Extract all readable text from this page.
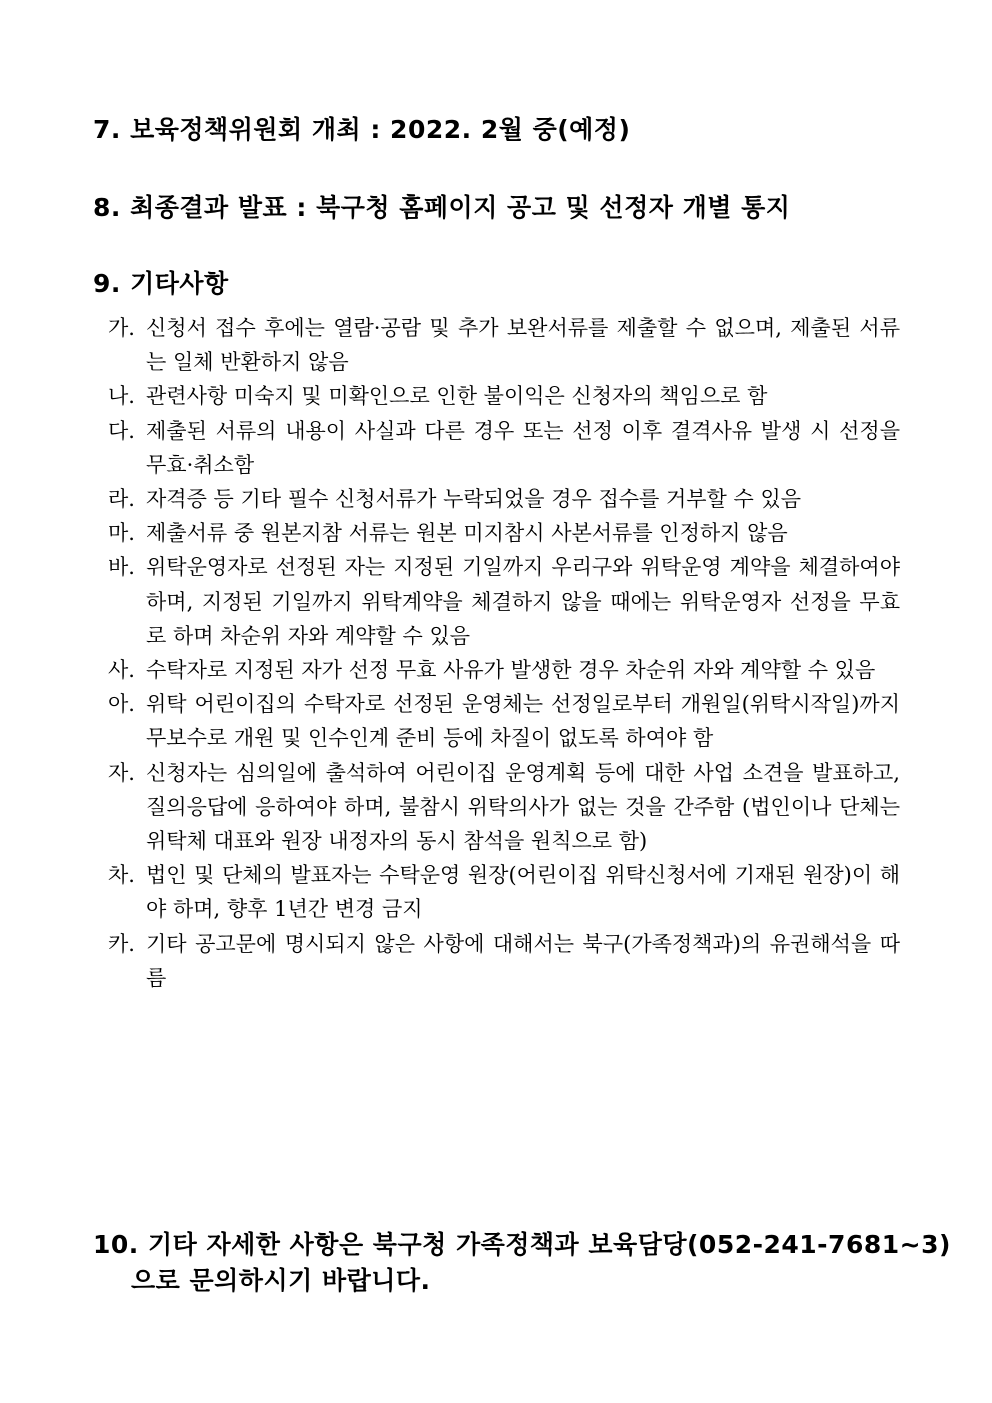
7. 보육정책위원회 개최 : 2022. 2월 중(예정)
8. 최종결과 발표 : 북구청 홈페이지 공고 및 선정자 개별 통지
9. 기타사항
가. 신청서 접수 후에는 열람·공람 및 추가 보완서류를 제출할 수 없으며, 제출된 서류는 일체 반환하지 않음
나. 관련사항 미숙지 및 미확인으로 인한 불이익은 신청자의 책임으로 함
다. 제출된 서류의 내용이 사실과 다른 경우 또는 선정 이후 결격사유 발생 시 선정을 무효·취소함
라. 자격증 등 기타 필수 신청서류가 누락되었을 경우 접수를 거부할 수 있음
마. 제출서류 중 원본지참 서류는 원본 미지참시 사본서류를 인정하지 않음
바. 위탁운영자로 선정된 자는 지정된 기일까지 우리구와 위탁운영 계약을 체결하여야 하며, 지정된 기일까지 위탁계약을 체결하지 않을 때에는 위탁운영자 선정을 무효로 하며 차순위 자와 계약할 수 있음
사. 수탁자로 지정된 자가 선정 무효 사유가 발생한 경우 차순위 자와 계약할 수 있음
아. 위탁 어린이집의 수탁자로 선정된 운영체는 선정일로부터 개원일(위탁시작일)까지 무보수로 개원 및 인수인계 준비 등에 차질이 없도록 하여야 함
자. 신청자는 심의일에 출석하여 어린이집 운영계획 등에 대한 사업 소견을 발표하고, 질의응답에 응하여야 하며, 불참시 위탁의사가 없는 것을 간주함 (법인이나 단체는 위탁체 대표와 원장 내정자의 동시 참석을 원칙으로 함)
차. 법인 및 단체의 발표자는 수탁운영 원장(어린이집 위탁신청서에 기재된 원장)이 해야 하며, 향후 1년간 변경 금지
카. 기타 공고문에 명시되지 않은 사항에 대해서는 북구(가족정책과)의 유권해석을 따름
10. 기타 자세한 사항은 북구청 가족정책과 보육담당(052-241-7681~3)
으로 문의하시기 바랍니다.
